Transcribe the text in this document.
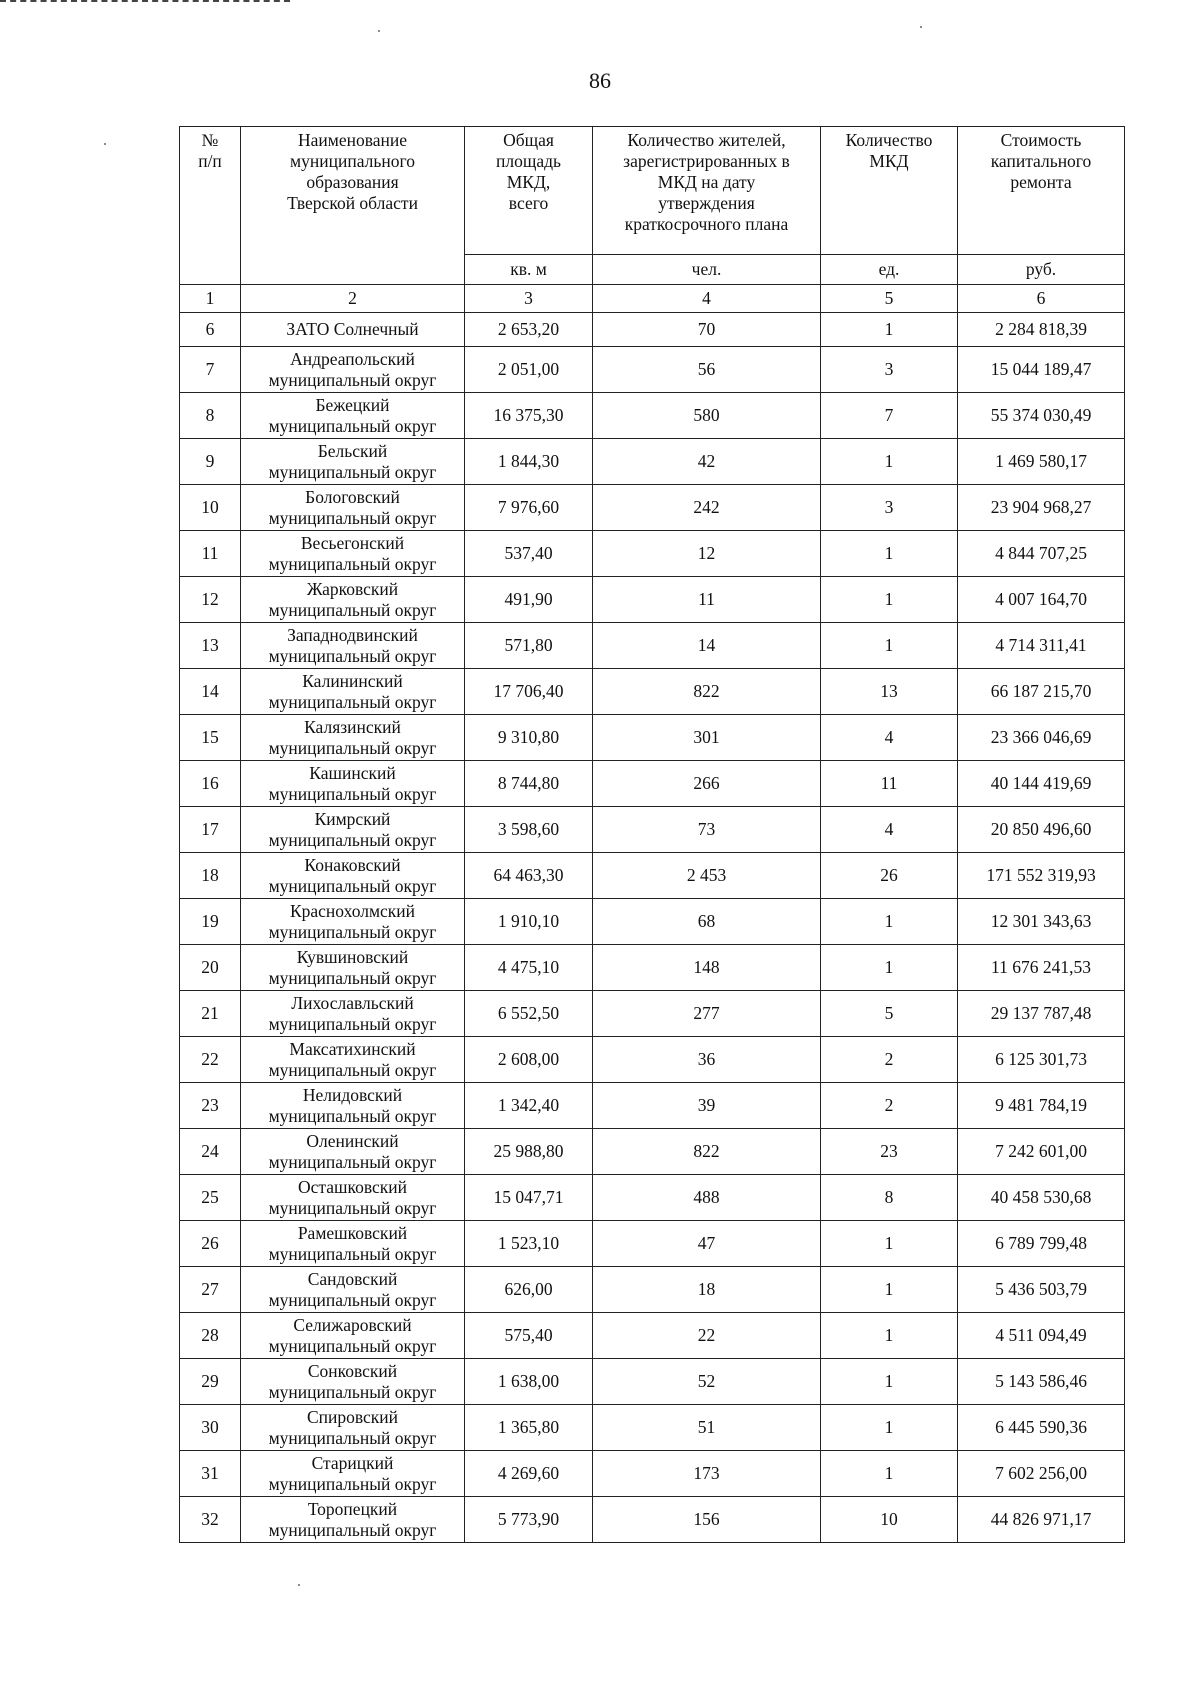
86
№
п/п	Наименование
муниципального
образования
Тверской области	Общая
площадь
МКД,
всего	Количество жителей,
зарегистрированных в
МКД на дату
утверждения
краткосрочного плана	Количество
МКД	Стоимость
капитального
ремонта
		кв. м	чел.	ед.	руб.
1	2	3	4	5	6
6	ЗАТО Солнечный	2 653,20	70	1	2 284 818,39
7	Андреапольский
муниципальный округ	2 051,00	56	3	15 044 189,47
8	Бежецкий
муниципальный округ	16 375,30	580	7	55 374 030,49
9	Бельский
муниципальный округ	1 844,30	42	1	1 469 580,17
10	Бологовский
муниципальный округ	7 976,60	242	3	23 904 968,27
11	Весьегонский
муниципальный округ	537,40	12	1	4 844 707,25
12	Жарковский
муниципальный округ	491,90	11	1	4 007 164,70
13	Западнодвинский
муниципальный округ	571,80	14	1	4 714 311,41
14	Калининский
муниципальный округ	17 706,40	822	13	66 187 215,70
15	Калязинский
муниципальный округ	9 310,80	301	4	23 366 046,69
16	Кашинский
муниципальный округ	8 744,80	266	11	40 144 419,69
17	Кимрский
муниципальный округ	3 598,60	73	4	20 850 496,60
18	Конаковский
муниципальный округ	64 463,30	2 453	26	171 552 319,93
19	Краснохолмский
муниципальный округ	1 910,10	68	1	12 301 343,63
20	Кувшиновский
муниципальный округ	4 475,10	148	1	11 676 241,53
21	Лихославльский
муниципальный округ	6 552,50	277	5	29 137 787,48
22	Максатихинский
муниципальный округ	2 608,00	36	2	6 125 301,73
23	Нелидовский
муниципальный округ	1 342,40	39	2	9 481 784,19
24	Оленинский
муниципальный округ	25 988,80	822	23	7 242 601,00
25	Осташковский
муниципальный округ	15 047,71	488	8	40 458 530,68
26	Рамешковский
муниципальный округ	1 523,10	47	1	6 789 799,48
27	Сандовский
муниципальный округ	626,00	18	1	5 436 503,79
28	Селижаровский
муниципальный округ	575,40	22	1	4 511 094,49
29	Сонковский
муниципальный округ	1 638,00	52	1	5 143 586,46
30	Спировский
муниципальный округ	1 365,80	51	1	6 445 590,36
31	Старицкий
муниципальный округ	4 269,60	173	1	7 602 256,00
32	Торопецкий
муниципальный округ	5 773,90	156	10	44 826 971,17
